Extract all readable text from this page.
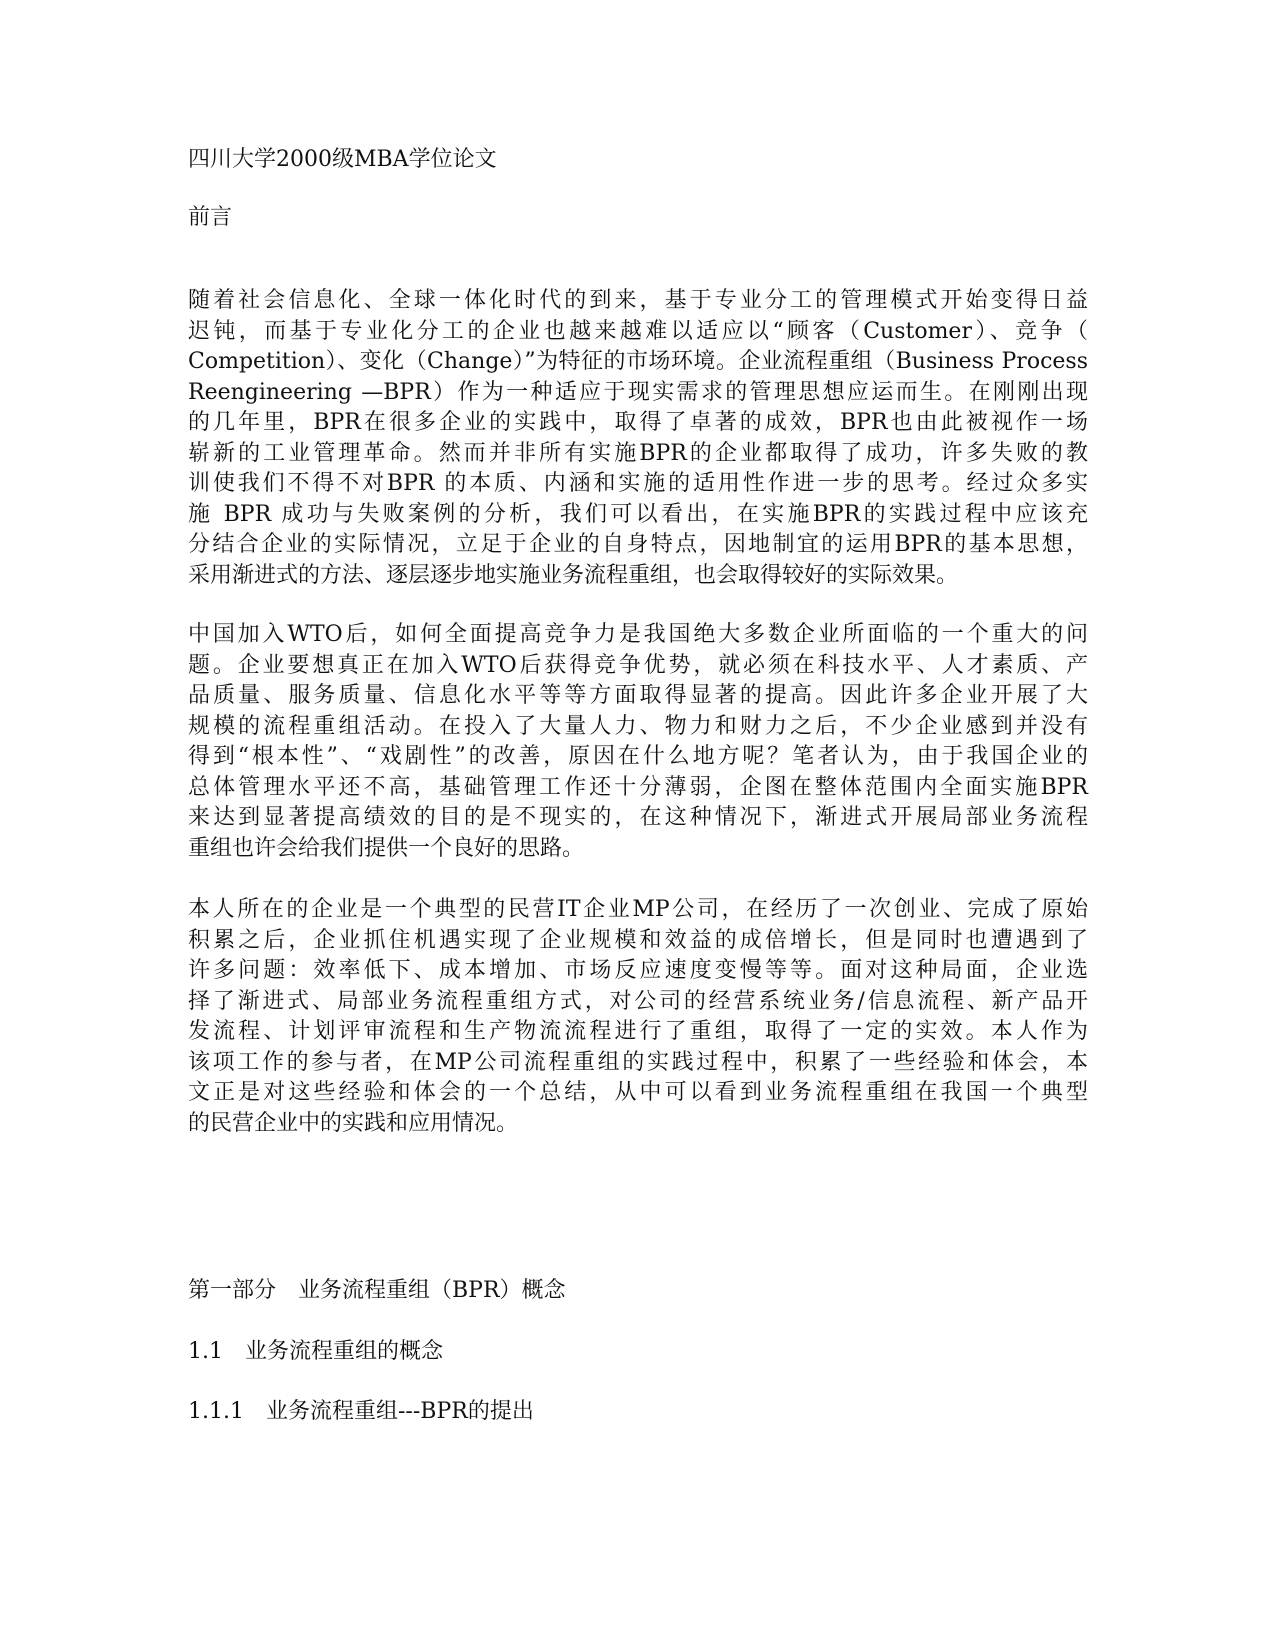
四川大学2000级MBA学位论文

前言

随着社会信息化、全球一体化时代的到来，基于专业分工的管理模式开始变得日益
迟钝，而基于专业化分工的企业也越来越难以适应以“顾客（Customer）、竞争（
Competition）、变化（Change）”为特征的市场环境。企业流程重组（Business Process
Reengineering —BPR）作为一种适应于现实需求的管理思想应运而生。在刚刚出现
的几年里，BPR在很多企业的实践中，取得了卓著的成效，BPR也由此被视作一场
崭新的工业管理革命。然而并非所有实施BPR的企业都取得了成功，许多失败的教
训使我们不得不对BPR 的本质、内涵和实施的适用性作进一步的思考。经过众多实
施 BPR 成功与失败案例的分析，我们可以看出，在实施BPR的实践过程中应该充
分结合企业的实际情况，立足于企业的自身特点，因地制宜的运用BPR的基本思想，
采用渐进式的方法、逐层逐步地实施业务流程重组，也会取得较好的实际效果。
中国加入WTO后，如何全面提高竞争力是我国绝大多数企业所面临的一个重大的问
题。企业要想真正在加入WTO后获得竞争优势，就必须在科技水平、人才素质、产
品质量、服务质量、信息化水平等等方面取得显著的提高。因此许多企业开展了大
规模的流程重组活动。在投入了大量人力、物力和财力之后，不少企业感到并没有
得到“根本性”、“戏剧性”的改善，原因在什么地方呢？笔者认为，由于我国企业的
总体管理水平还不高，基础管理工作还十分薄弱，企图在整体范围内全面实施BPR
来达到显著提高绩效的目的是不现实的，在这种情况下，渐进式开展局部业务流程
重组也许会给我们提供一个良好的思路。
本人所在的企业是一个典型的民营IT企业MP公司，在经历了一次创业、完成了原始
积累之后，企业抓住机遇实现了企业规模和效益的成倍增长，但是同时也遭遇到了
许多问题：效率低下、成本增加、市场反应速度变慢等等。面对这种局面，企业选
择了渐进式、局部业务流程重组方式，对公司的经营系统业务/信息流程、新产品开
发流程、计划评审流程和生产物流流程进行了重组，取得了一定的实效。本人作为
该项工作的参与者，在MP公司流程重组的实践过程中，积累了一些经验和体会，本
文正是对这些经验和体会的一个总结，从中可以看到业务流程重组在我国一个典型
的民营企业中的实践和应用情况。

第一部分　业务流程重组（BPR）概念

1.1　业务流程重组的概念

1.1.1　业务流程重组---BPR的提出
